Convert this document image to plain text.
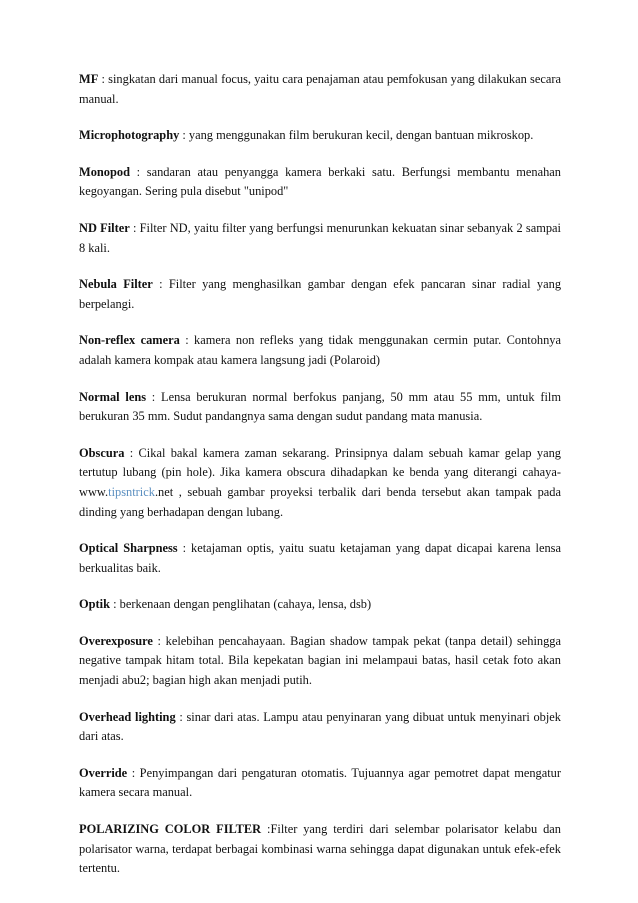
MF : singkatan dari manual focus, yaitu cara penajaman atau pemfokusan yang dilakukan secara manual.

Microphotography : yang menggunakan film berukuran kecil, dengan bantuan mikroskop.

Monopod : sandaran atau penyangga kamera berkaki satu. Berfungsi membantu menahan kegoyangan. Sering pula disebut "unipod"

ND Filter : Filter ND, yaitu filter yang berfungsi menurunkan kekuatan sinar sebanyak 2 sampai 8 kali.

Nebula Filter : Filter yang menghasilkan gambar dengan efek pancaran sinar radial yang berpelangi.

Non-reflex camera : kamera non refleks yang tidak menggunakan cermin putar. Contohnya adalah kamera kompak atau kamera langsung jadi (Polaroid)

Normal lens : Lensa berukuran normal berfokus panjang, 50 mm atau 55 mm, untuk film berukuran 35 mm. Sudut pandangnya sama dengan sudut pandang mata manusia.

Obscura : Cikal bakal kamera zaman sekarang. Prinsipnya dalam sebuah kamar gelap yang tertutup lubang (pin hole). Jika kamera obscura dihadapkan ke benda yang diterangi cahaya-www.tipsntrick.net , sebuah gambar proyeksi terbalik dari benda tersebut akan tampak pada dinding yang berhadapan dengan lubang.

Optical Sharpness : ketajaman optis, yaitu suatu ketajaman yang dapat dicapai karena lensa berkualitas baik.

Optik : berkenaan dengan penglihatan (cahaya, lensa, dsb)

Overexposure : kelebihan pencahayaan. Bagian shadow tampak pekat (tanpa detail) sehingga negative tampak hitam total. Bila kepekatan bagian ini melampaui batas, hasil cetak foto akan menjadi abu2; bagian high akan menjadi putih.

Overhead lighting : sinar dari atas. Lampu atau penyinaran yang dibuat untuk menyinari objek dari atas.

Override : Penyimpangan dari pengaturan otomatis. Tujuannya agar pemotret dapat mengatur kamera secara manual.

POLARIZING COLOR FILTER :Filter yang terdiri dari selembar polarisator kelabu dan polarisator warna, terdapat berbagai kombinasi warna sehingga dapat digunakan untuk efek-efek tertentu.
